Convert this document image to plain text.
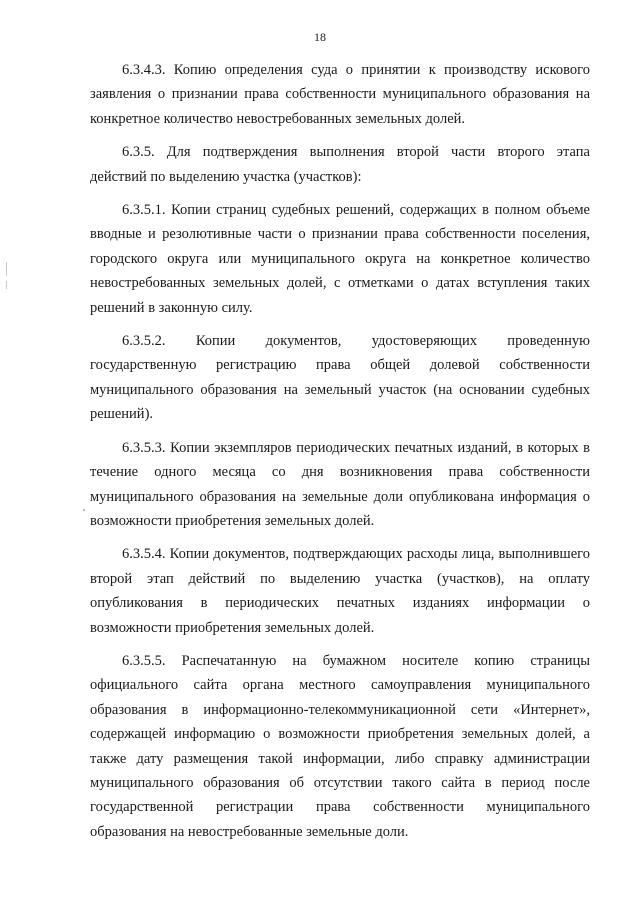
18

6.3.4.3. Копию определения суда о принятии к производству искового заявления о признании права собственности муниципального образования на конкретное количество невостребованных земельных долей.

6.3.5. Для подтверждения выполнения второй части второго этапа действий по выделению участка (участков):

6.3.5.1. Копии страниц судебных решений, содержащих в полном объеме вводные и резолютивные части о признании права собственности поселения, городского округа или муниципального округа на конкретное количество невостребованных земельных долей, с отметками о датах вступления таких решений в законную силу.

6.3.5.2. Копии документов, удостоверяющих проведенную государственную регистрацию права общей долевой собственности муниципального образования на земельный участок (на основании судебных решений).

6.3.5.3. Копии экземпляров периодических печатных изданий, в которых в течение одного месяца со дня возникновения права собственности муниципального образования на земельные доли опубликована информация о возможности приобретения земельных долей.

6.3.5.4. Копии документов, подтверждающих расходы лица, выполнившего второй этап действий по выделению участка (участков), на оплату опубликования в периодических печатных изданиях информации о возможности приобретения земельных долей.

6.3.5.5. Распечатанную на бумажном носителе копию страницы официального сайта органа местного самоуправления муниципального образования в информационно-телекоммуникационной сети «Интернет», содержащей информацию о возможности приобретения земельных долей, а также дату размещения такой информации, либо справку администрации муниципального образования об отсутствии такого сайта в период после государственной регистрации права собственности муниципального образования на невостребованные земельные доли.
